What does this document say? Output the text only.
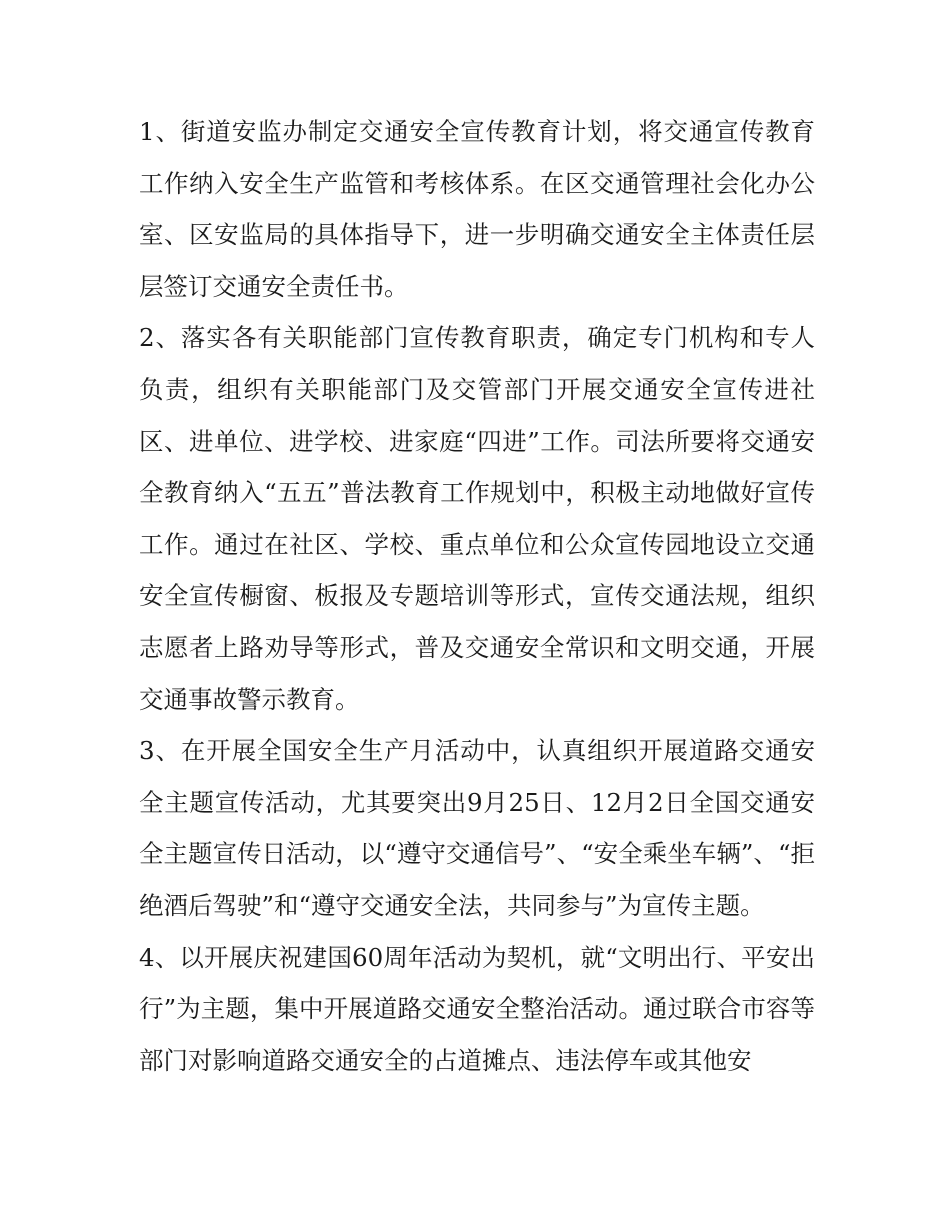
1、街道安监办制定交通安全宣传教育计划，将交通宣传教育工作纳入安全生产监管和考核体系。在区交通管理社会化办公室、区安监局的具体指导下，进一步明确交通安全主体责任层层签订交通安全责任书。

2、落实各有关职能部门宣传教育职责，确定专门机构和专人负责，组织有关职能部门及交管部门开展交通安全宣传进社区、进单位、进学校、进家庭“四进”工作。司法所要将交通安全教育纳入“五五”普法教育工作规划中，积极主动地做好宣传工作。通过在社区、学校、重点单位和公众宣传园地设立交通安全宣传橱窗、板报及专题培训等形式，宣传交通法规，组织志愿者上路劝导等形式，普及交通安全常识和文明交通，开展交通事故警示教育。

3、在开展全国安全生产月活动中，认真组织开展道路交通安全主题宣传活动，尤其要突出9月25日、12月2日全国交通安全主题宣传日活动，以“遵守交通信号”、“安全乘坐车辆”、“拒绝酒后驾驶”和“遵守交通安全法，共同参与”为宣传主题。

4、以开展庆祝建国60周年活动为契机，就“文明出行、平安出行”为主题，集中开展道路交通安全整治活动。通过联合市容等部门对影响道路交通安全的占道摊点、违法停车或其他安
